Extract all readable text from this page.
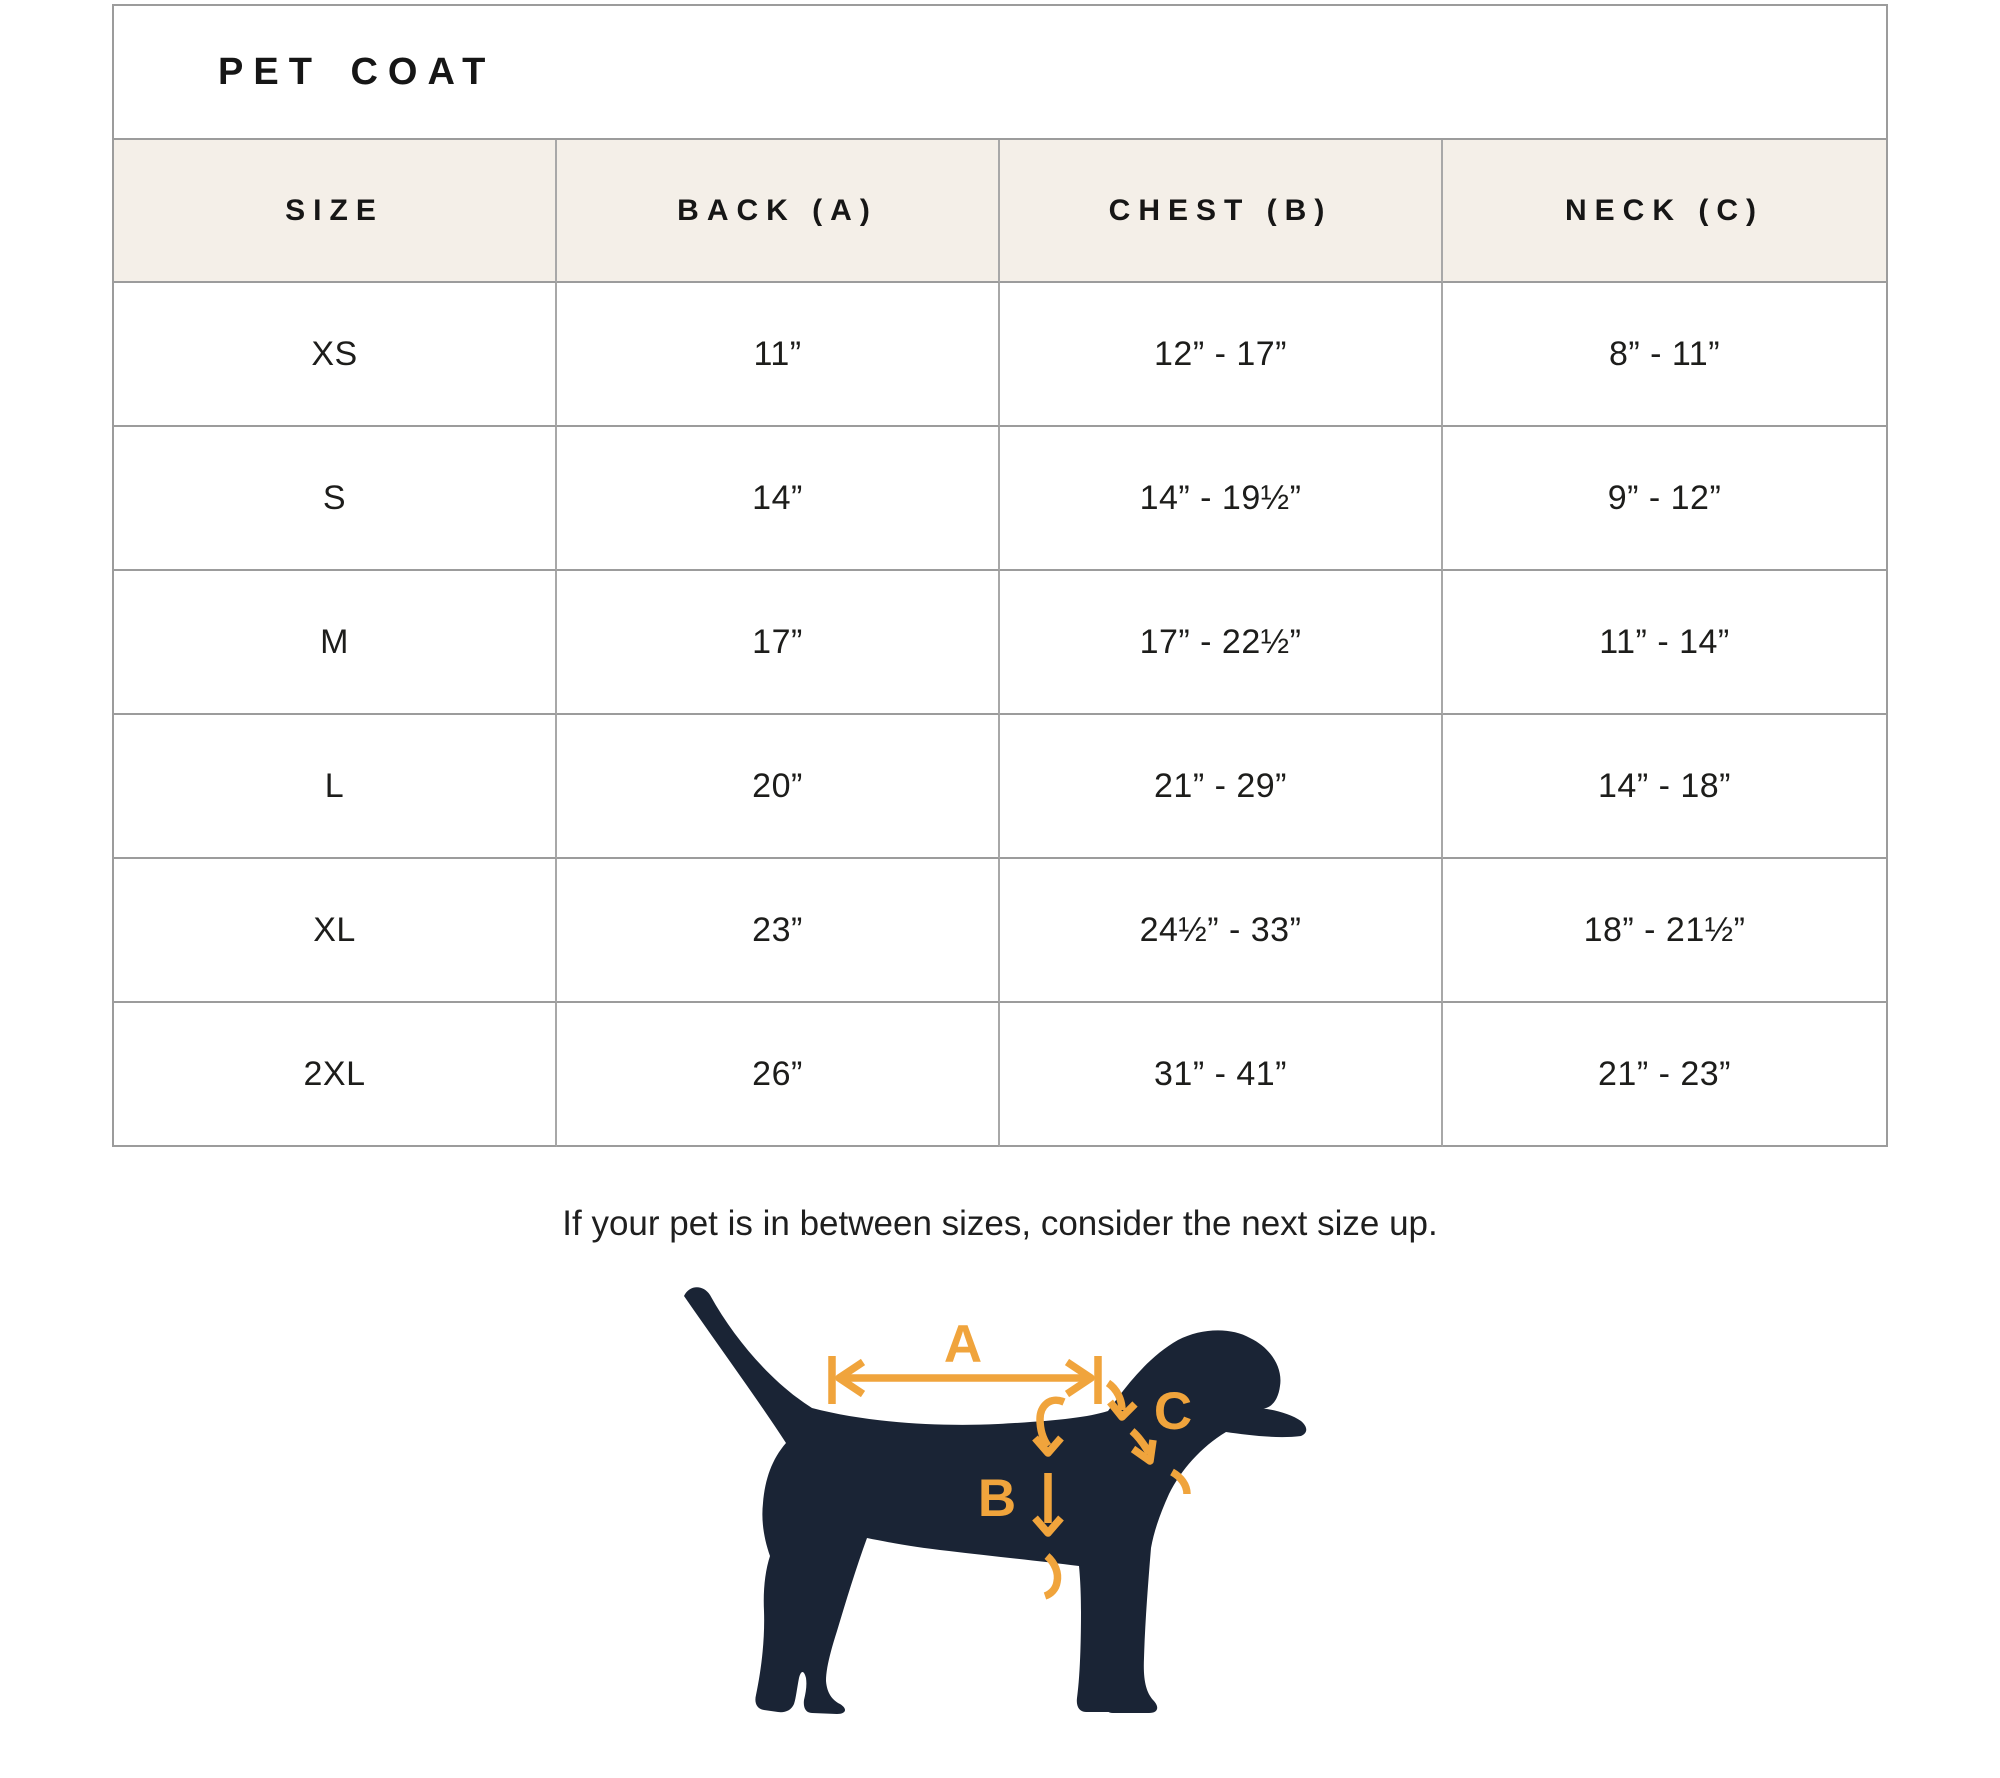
PET COAT
SIZE	BACK (A)	CHEST (B)	NECK (C)
XS	11”	12” - 17”	8” - 11”
S	14”	14” - 19½”	9” - 12”
M	17”	17” - 22½”	11” - 14”
L	20”	21” - 29”	14” - 18”
XL	23”	24½” - 33”	18” - 21½”
2XL	26”	31” - 41”	21” - 23”
If your pet is in between sizes, consider the next size up.
A
B
C
